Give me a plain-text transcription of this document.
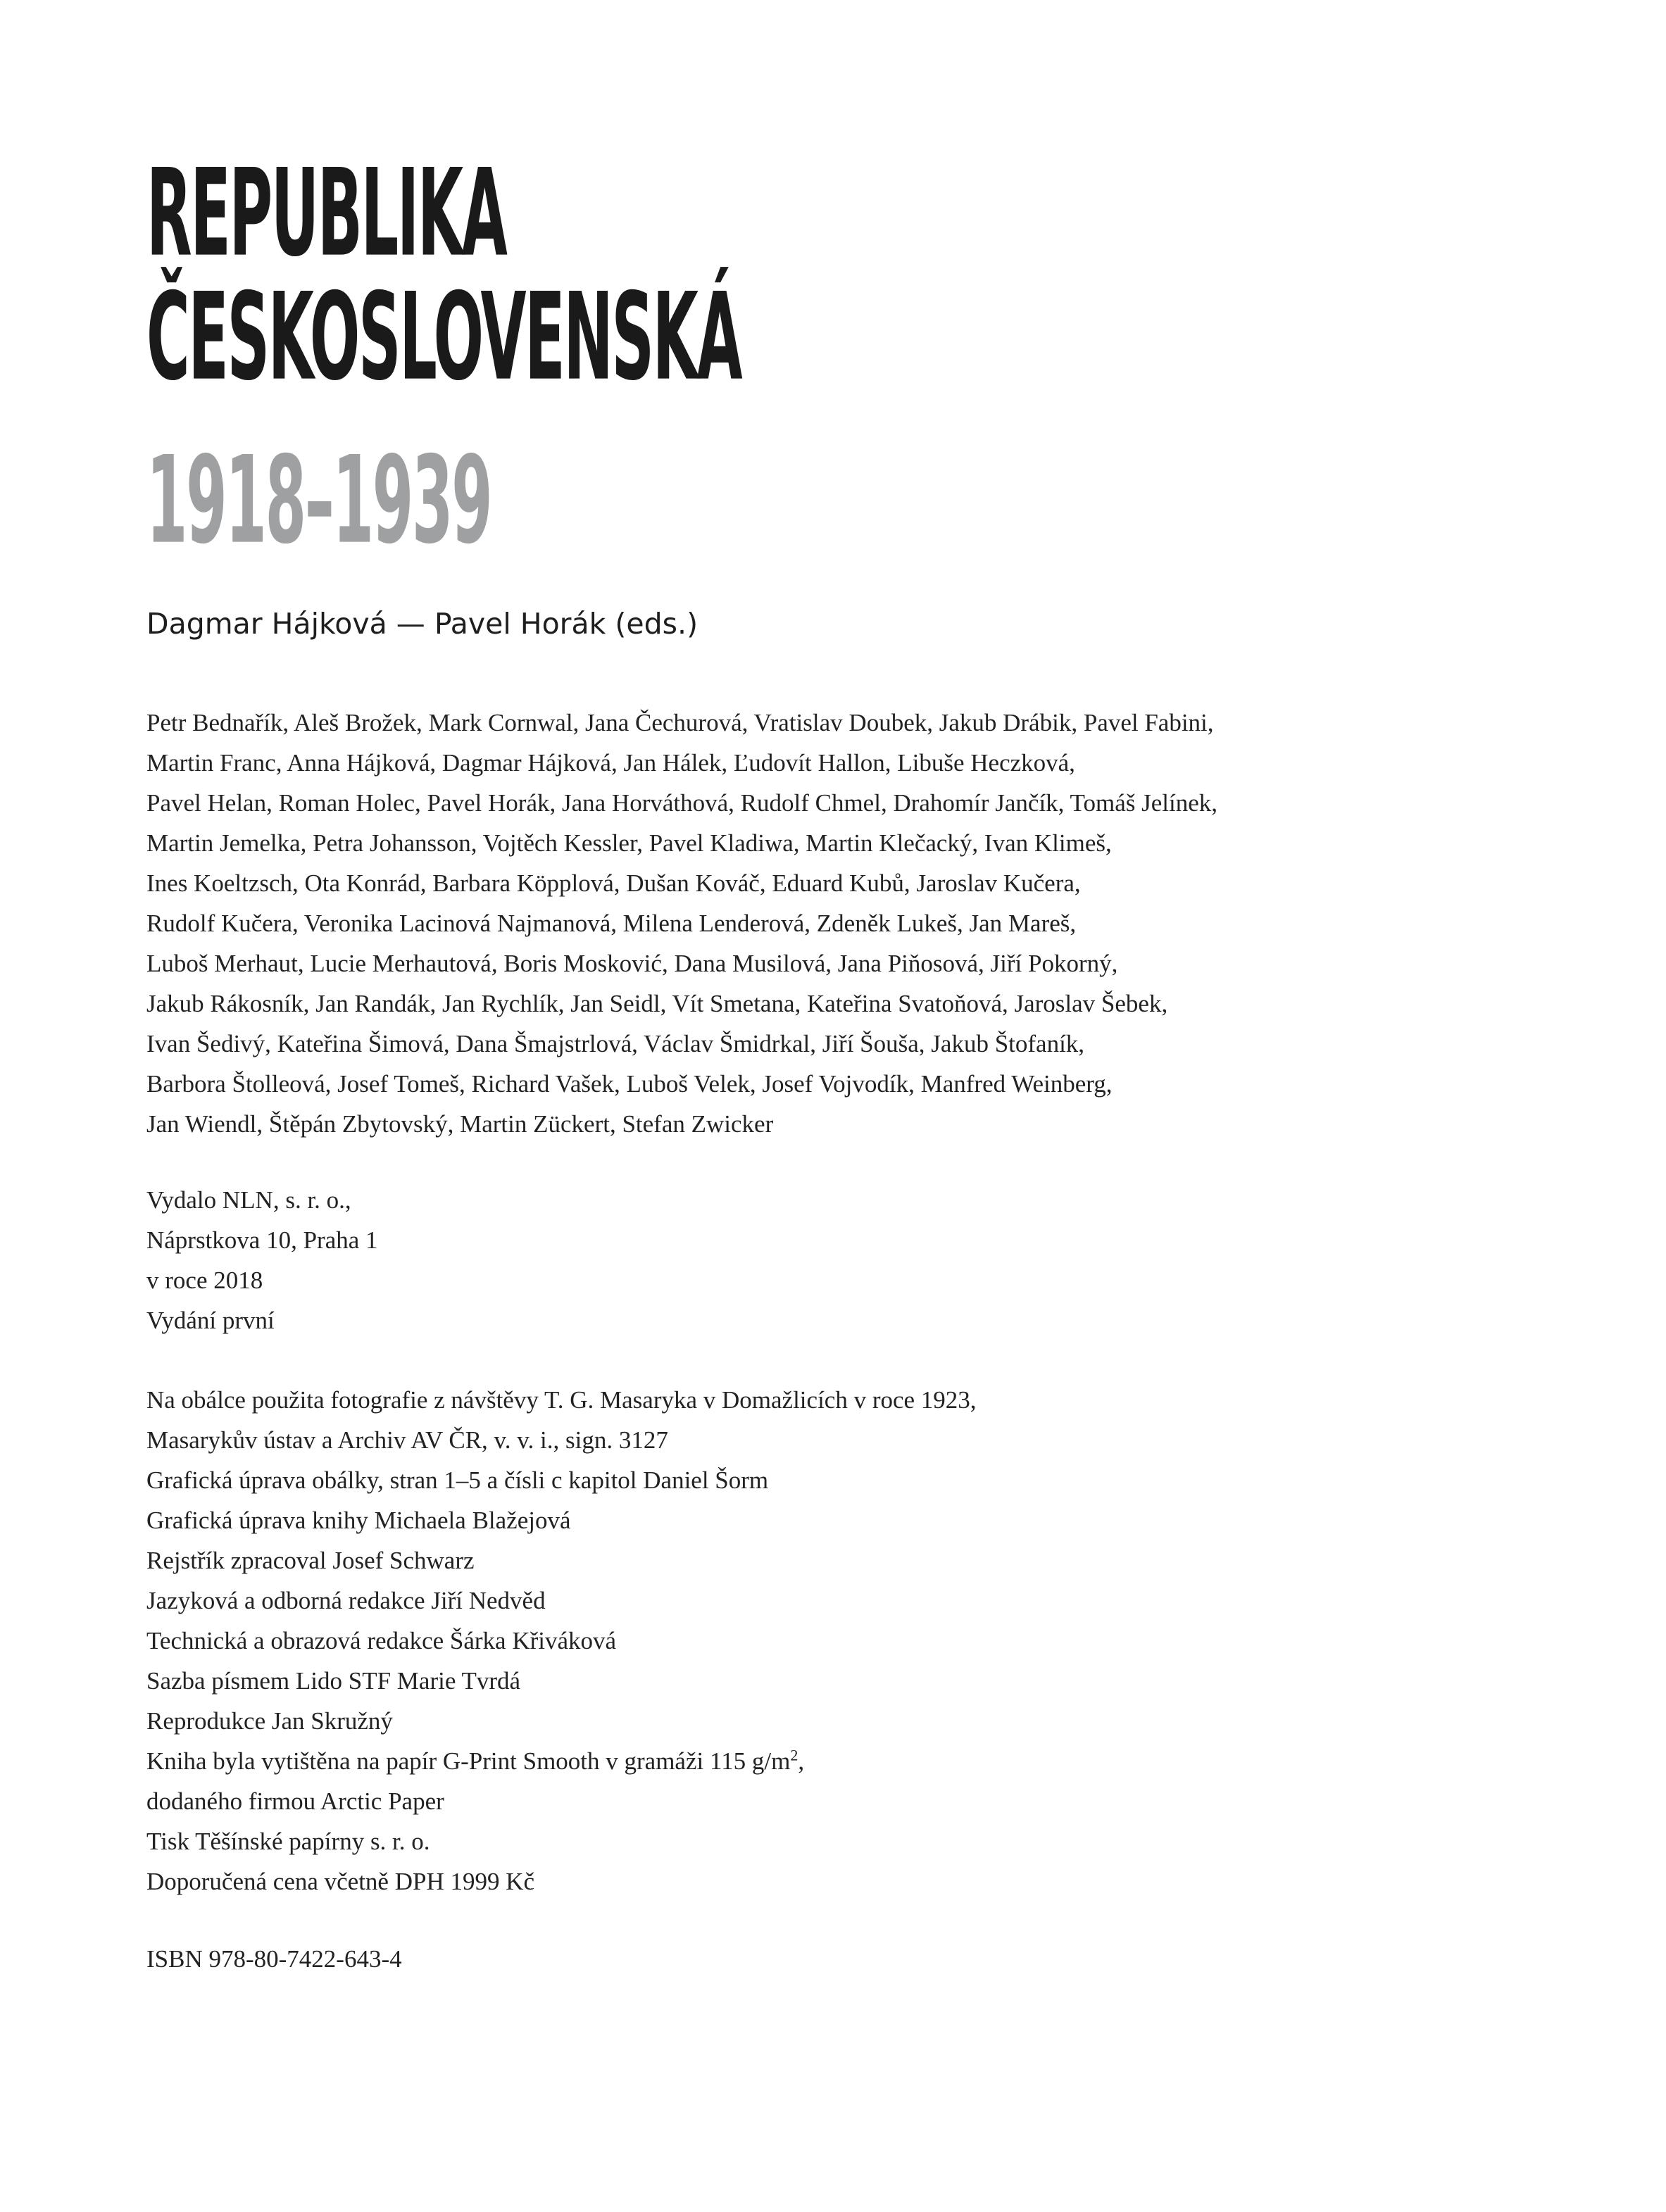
REPUBLIKA
ČESKOSLOVENSKÁ
1918–1939

Dagmar Hájková — Pavel Horák (eds.)

Petr Bednařík, Aleš Brožek, Mark Cornwal, Jana Čechurová, Vratislav Doubek, Jakub Drábik, Pavel Fabini,
Martin Franc, Anna Hájková, Dagmar Hájková, Jan Hálek, Ľudovít Hallon, Libuše Heczková,
Pavel Helan, Roman Holec, Pavel Horák, Jana Horváthová, Rudolf Chmel, Drahomír Jančík, Tomáš Jelínek,
Martin Jemelka, Petra Johansson, Vojtěch Kessler, Pavel Kladiwa, Martin Klečacký, Ivan Klimeš,
Ines Koeltzsch, Ota Konrád, Barbara Köpplová, Dušan Kováč, Eduard Kubů, Jaroslav Kučera,
Rudolf Kučera, Veronika Lacinová Najmanová, Milena Lenderová, Zdeněk Lukeš, Jan Mareš,
Luboš Merhaut, Lucie Merhautová, Boris Mosković, Dana Musilová, Jana Piňosová, Jiří Pokorný,
Jakub Rákosník, Jan Randák, Jan Rychlík, Jan Seidl, Vít Smetana, Kateřina Svatoňová, Jaroslav Šebek,
Ivan Šedivý, Kateřina Šimová, Dana Šmajstrlová, Václav Šmidrkal, Jiří Šouša, Jakub Štofaník,
Barbora Štolleová, Josef Tomeš, Richard Vašek, Luboš Velek, Josef Vojvodík, Manfred Weinberg,
Jan Wiendl, Štěpán Zbytovský, Martin Zückert, Stefan Zwicker
Vydalo NLN, s. r. o.,
Náprstkova 10, Praha 1
v roce 2018
Vydání první
Na obálce použita fotografie z návštěvy T. G. Masaryka v Domažlicích v roce 1923,
Masarykův ústav a Archiv AV ČR, v. v. i., sign. 3127
Grafická úprava obálky, stran 1–5 a čísli c kapitol Daniel Šorm
Grafická úprava knihy Michaela Blažejová
Rejstřík zpracoval Josef Schwarz
Jazyková a odborná redakce Jiří Nedvěd
Technická a obrazová redakce Šárka Křiváková
Sazba písmem Lido STF Marie Tvrdá
Reprodukce Jan Skružný
Kniha byla vytištěna na papír G-Print Smooth v gramáži 115 $g/m^2$,
dodaného firmou Arctic Paper
Tisk Těšínské papírny s. r. o.
Doporučená cena včetně DPH 1999 Kč
ISBN 978-80-7422-643-4
